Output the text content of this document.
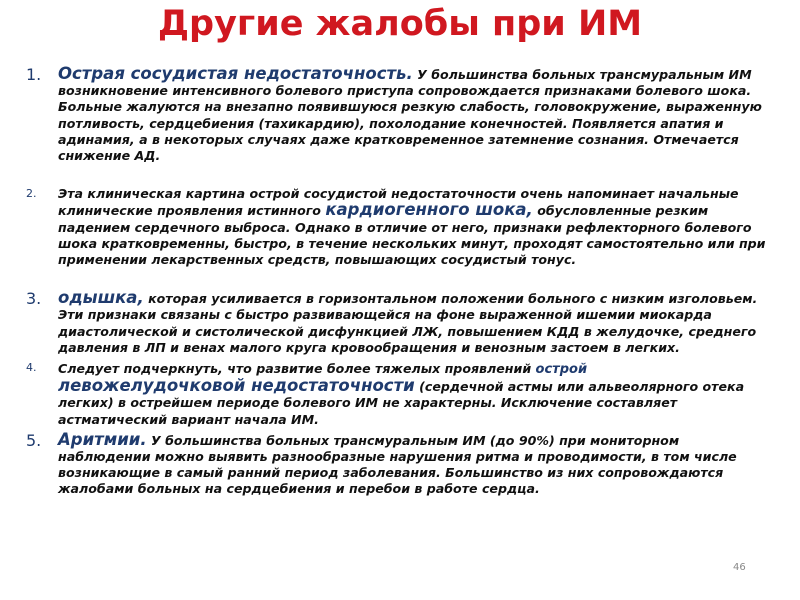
Другие жалобы при ИМ
1. Острая сосудистая недостаточность. У большинства больных трансмуральным ИМ возникновение интенсивного болевого приступа сопровождается признаками болевого шока. Больные жалуются на внезапно появившуюся резкую слабость, головокружение, выраженную потливость, сердцебиения (тахикардию), похолодание конечностей. Появляется апатия и адинамия, а в некоторых случаях даже кратковременное затемнение сознания. Отмечается снижение АД.
2. Эта клиническая картина острой сосудистой недостаточности очень напоминает начальные клинические проявления истинного кардиогенного шока, обусловленные резким падением сердечного выброса. Однако в отличие от него, признаки рефлекторного болевого шока кратковременны, быстро, в течение нескольких минут, проходят самостоятельно или при применении лекарственных средств, повышающих сосудистый тонус.
3. одышка, которая усиливается в горизонтальном положении больного с низким изголовьем. Эти признаки связаны с быстро развивающейся на фоне выраженной ишемии миокарда диастолической и систолической дисфункцией ЛЖ, повышением КДД в желудочке, среднего давления в ЛП и венах малого круга кровообращения и венозным застоем в легких.
4. Следует подчеркнуть, что развитие более тяжелых проявлений острой левожелудочковой недостаточности (сердечной астмы или альвеолярного отека легких) в острейшем периоде болевого ИМ не характерны. Исключение составляет астматический вариант начала ИМ.
5. Аритмии. У большинства больных трансмуральным ИМ (до 90%) при мониторном наблюдении можно выявить разнообразные нарушения ритма и проводимости, в том числе возникающие в самый ранний период заболевания. Большинство из них сопровождаются жалобами больных на сердцебиения и перебои в работе сердца.
46
